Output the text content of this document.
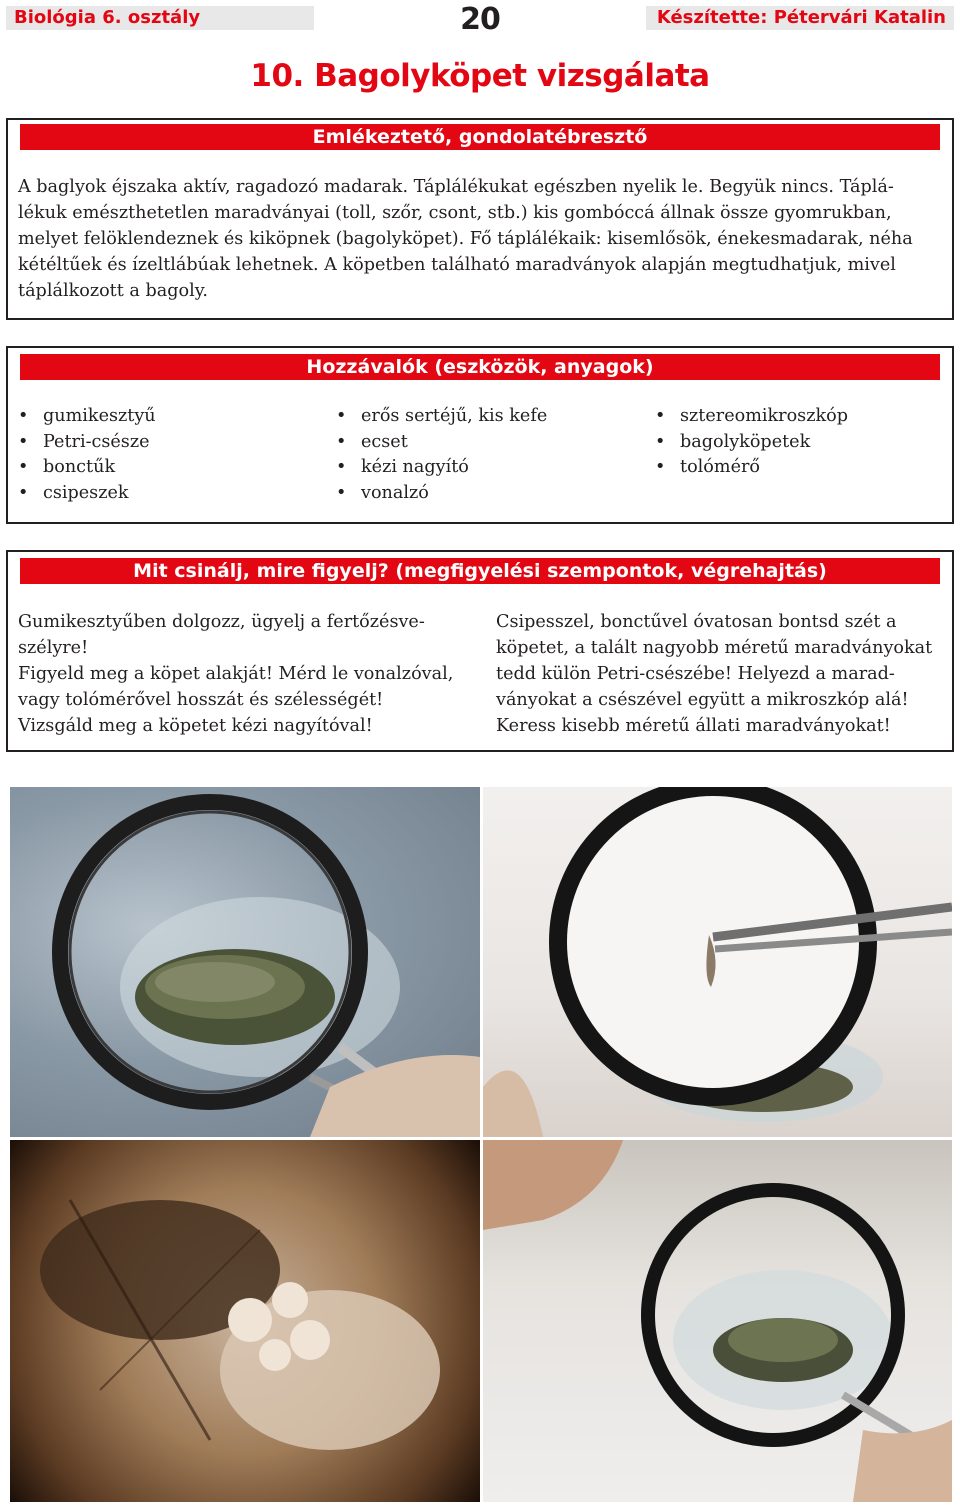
Biológia 6. osztály	20	Készítette: Pétervári Katalin
10. Bagolyköpet vizsgálata
Emlékeztető, gondolatébresztő
A baglyok éjszaka aktív, ragadozó madarak. Táplálékukat egészben nyelik le. Begyük nincs. Táplá-
lékuk emészthetetlen maradványai (toll, szőr, csont, stb.) kis gombóccá állnak össze gyomrukban,
melyet felöklendeznek és kiköpnek (bagolyköpet). Fő táplálékaik: kisemlősök, énekesmadarak, néha
kétéltűek és ízeltlábúak lehetnek. A köpetben található maradványok alapján megtudhatjuk, mivel
táplálkozott a bagoly.
Hozzávalók (eszközök, anyagok)
• gumikesztyű
• Petri-csésze
• bonctűk
• csipeszek
• erős sertéjű, kis kefe
• ecset
• kézi nagyító
• vonalzó
• sztereomikroszkóp
• bagolyköpetek
• tolómérő
Mit csinálj, mire figyelj? (megfigyelési szempontok, végrehajtás)
Gumikesztyűben dolgozz, ügyelj a fertőzésve-
szélyre!
Figyeld meg a köpet alakját! Mérd le vonalzóval,
vagy tolómérővel hosszát és szélességét!
Vizsgáld meg a köpetet kézi nagyítóval!
Csipesszel, bonctűvel óvatosan bontsd szét a
köpetet, a talált nagyobb méretű maradványokat
tedd külön Petri-csészébe! Helyezd a marad-
ványokat a csészével együtt a mikroszkóp alá!
Keress kisebb méretű állati maradványokat!
